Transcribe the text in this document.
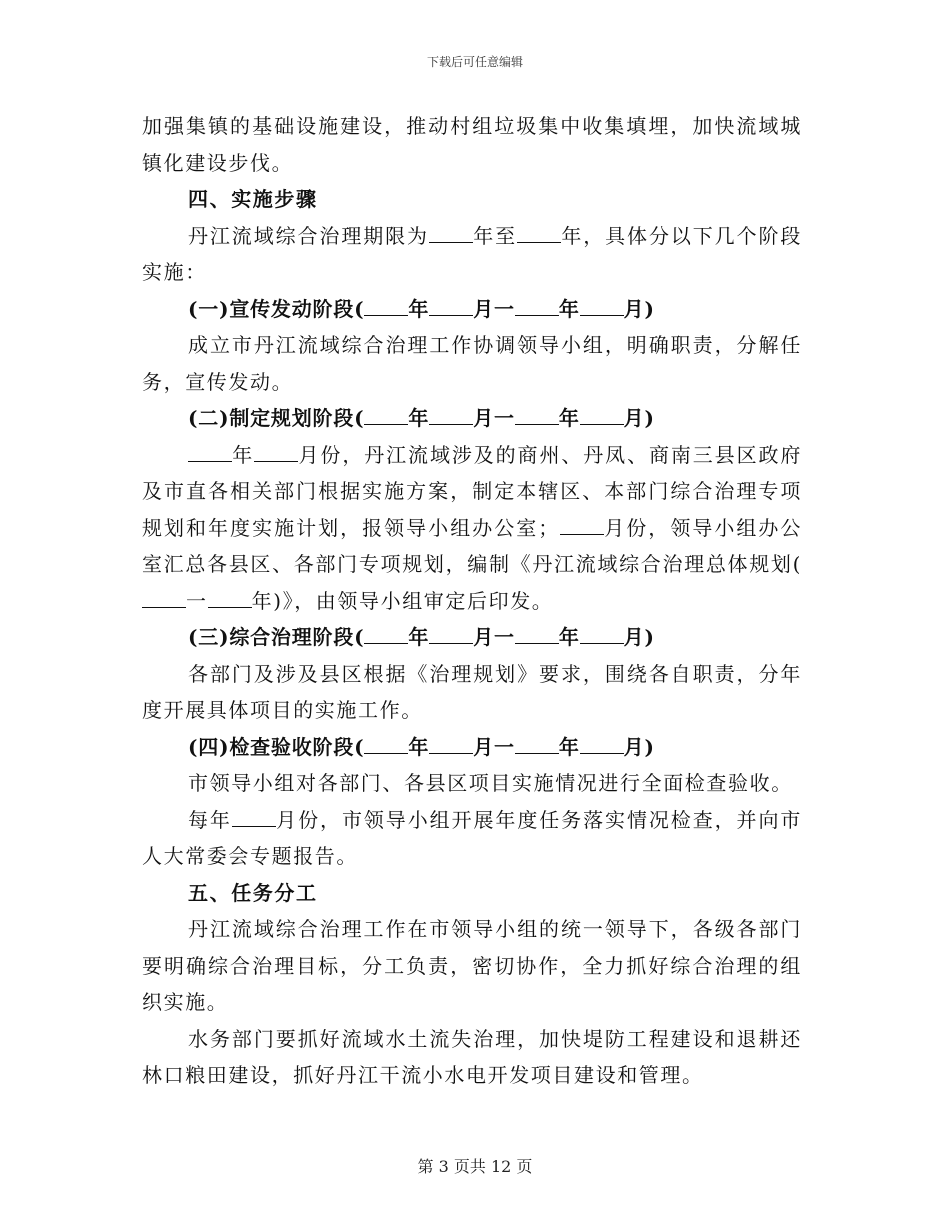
下载后可任意编辑

加强集镇的基础设施建设，推动村组垃圾集中收集填埋，加快流域城镇化建设步伐。

四、实施步骤

丹江流域综合治理期限为 年至 年，具体分以下几个阶段实施：

(一)宣传发动阶段( 年 月一 年 月)

成立市丹江流域综合治理工作协调领导小组，明确职责，分解任务，宣传发动。

(二)制定规划阶段( 年 月一 年 月)

年 月份，丹江流域涉及的商州、丹凤、商南三县区政府及市直各相关部门根据实施方案，制定本辖区、本部门综合治理专项规划和年度实施计划，报领导小组办公室； 月份，领导小组办公室汇总各县区、各部门专项规划，编制《丹江流域综合治理总体规划(一 年)》，由领导小组审定后印发。

(三)综合治理阶段( 年 月一 年 月)

各部门及涉及县区根据《治理规划》要求，围绕各自职责，分年度开展具体项目的实施工作。

(四)检查验收阶段( 年 月一 年 月)

市领导小组对各部门、各县区项目实施情况进行全面检查验收。

每年 月份，市领导小组开展年度任务落实情况检查，并向市人大常委会专题报告。

五、任务分工

丹江流域综合治理工作在市领导小组的统一领导下，各级各部门要明确综合治理目标，分工负责，密切协作，全力抓好综合治理的组织实施。

水务部门要抓好流域水土流失治理，加快堤防工程建设和退耕还林口粮田建设，抓好丹江干流小水电开发项目建设和管理。

第 3 页共 12 页
